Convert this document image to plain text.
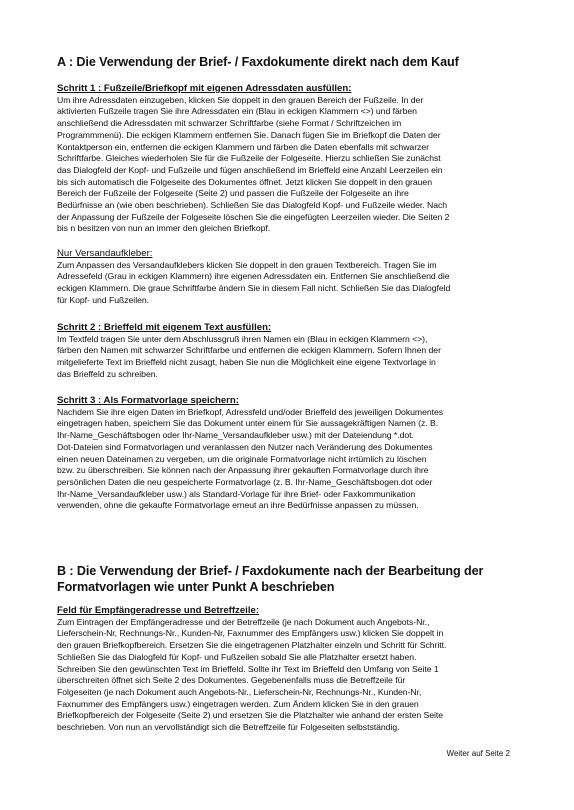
A : Die Verwendung der Brief- / Faxdokumente direkt nach dem Kauf

Schritt 1 : Fußzeile/Briefkopf mit eigenen Adressdaten ausfüllen:

Um ihre Adressdaten einzugeben, klicken Sie doppelt in den grauen Bereich der Fußzeile. In der

aktivierten Fußzeile tragen Sie ihre Adressdaten ein (Blau in eckigen Klammern <>) und färben

anschließend die Adressdaten mit schwarzer Schriftfarbe (siehe Format / Schriftzeichen im

Programmmenü). Die eckigen Klammern entfernen Sie. Danach fügen Sie im Briefkopf die Daten der

Kontaktperson ein, entfernen die eckigen Klammern und färben die Daten ebenfalls mit schwarzer

Schriftfarbe. Gleiches wiederholen Sie für die Fußzeile der Folgeseite. Hierzu schließen Sie zunächst

das Dialogfeld der Kopf- und Fußzeile und fügen anschließend im Brieffeld eine Anzahl Leerzeilen ein

bis sich automatisch die Folgeseite des Dokumentes öffnet. Jetzt klicken Sie doppelt in den grauen

Bereich der Fußzeile der Folgeseite (Seite 2) und passen die Fußzeile der Folgeseite an ihre

Bedürfnisse an (wie oben beschrieben). Schließen Sie das Dialogfeld Kopf- und Fußzeile wieder. Nach

der Anpassung der Fußzeile der Folgeseite löschen Sie die eingefügten Leerzeilen wieder. Die Seiten 2

bis n besitzen von nun an immer den gleichen Briefkopf.

Nur Versandaufkleber:

Zum Anpassen des Versandaufklebers klicken Sie doppelt in den grauen Textbereich. Tragen Sie im

Adressefeld (Grau in eckigen Klammern) ihre eigenen Adressdaten ein. Entfernen Sie anschließend die

eckigen Klammern. Die graue Schriftfarbe ändern Sie in diesem Fall nicht. Schließen Sie das Dialogfeld

für Kopf- und Fußzeilen.

Schritt 2 : Brieffeld mit eigenem Text ausfüllen:

Im Textfeld tragen Sie unter dem Abschlussgruß ihren Namen ein (Blau in eckigen Klammern <>),

färben den Namen mit schwarzer Schriftfarbe und entfernen die eckigen Klammern. Sofern Ihnen der

mitgelieferte Text im Brieffeld nicht zusagt, haben Sie nun die Möglichkeit eine eigene Textvorlage in

das Brieffeld zu schreiben.

Schritt 3 : Als Formatvorlage speichern:

Nachdem Sie ihre eigen Daten im Briefkopf, Adressfeld und/oder Brieffeld des jeweiligen Dokumentes

eingetragen haben, speichern Sie das Dokument unter einem für Sie aussagekräftigen Namen (z. B.

Ihr-Name_Geschäftsbogen oder Ihr-Name_Versandaufkleber usw.) mit der Dateiendung *.dot.

Dot-Dateien sind Formatvorlagen und veranlassen den Nutzer nach Veränderung des Dokumentes

einen neuen Dateinamen zu vergeben, um die originale Formatvorlage nicht irrtümlich zu löschen

bzw. zu überschreiben. Sie können nach der Anpassung ihrer gekauften Formatvorlage durch ihre

persönlichen Daten die neu gespeicherte Formatvorlage (z. B. Ihr-Name_Geschäftsbogen.dot oder

Ihr-Name_Versandaufkleber usw.) als Standard-Vorlage für ihre Brief- oder Faxkommunikation

verwenden, ohne die gekaufte Formatvorlage erneut an ihre Bedürfnisse anpassen zu müssen.

B : Die Verwendung der Brief- / Faxdokumente nach der Bearbeitung der
Formatvorlagen wie unter Punkt A beschrieben

Feld für Empfängeradresse und Betreffzeile:

Zum Eintragen der Empfängeradresse und der Betreffzeile (je nach Dokument auch Angebots-Nr.,

Lieferschein-Nr, Rechnungs-Nr., Kunden-Nr, Faxnummer des Empfängers usw.) klicken Sie doppelt in

den grauen Briefkopfbereich. Ersetzen Sie die eingetragenen Platzhalter einzeln und Schritt für Schritt.

Schließen Sie das Dialogfeld für Kopf- und Fußzeilen sobald Sie alle Platzhalter ersetzt haben.

Schreiben Sie den gewünschten Text im Brieffeld. Sollte ihr Text im Brieffeld den Umfang von Seite 1

überschreiten öffnet sich Seite 2 des Dokumentes. Gegebenenfalls muss die Betreffzeile für

Folgeseiten (je nach Dokument auch Angebots-Nr., Lieferschein-Nr, Rechnungs-Nr., Kunden-Nr,

Faxnummer des Empfängers usw.) eingetragen werden. Zum Ändern klicken Sie in den grauen

Briefkopfbereich der Folgeseite (Seite 2) und ersetzen Sie die Platzhalter wie anhand der ersten Seite

beschrieben. Von nun an vervollständigt sich die Betreffzeile für Folgeseiten selbstständig.

Weiter auf Seite 2
